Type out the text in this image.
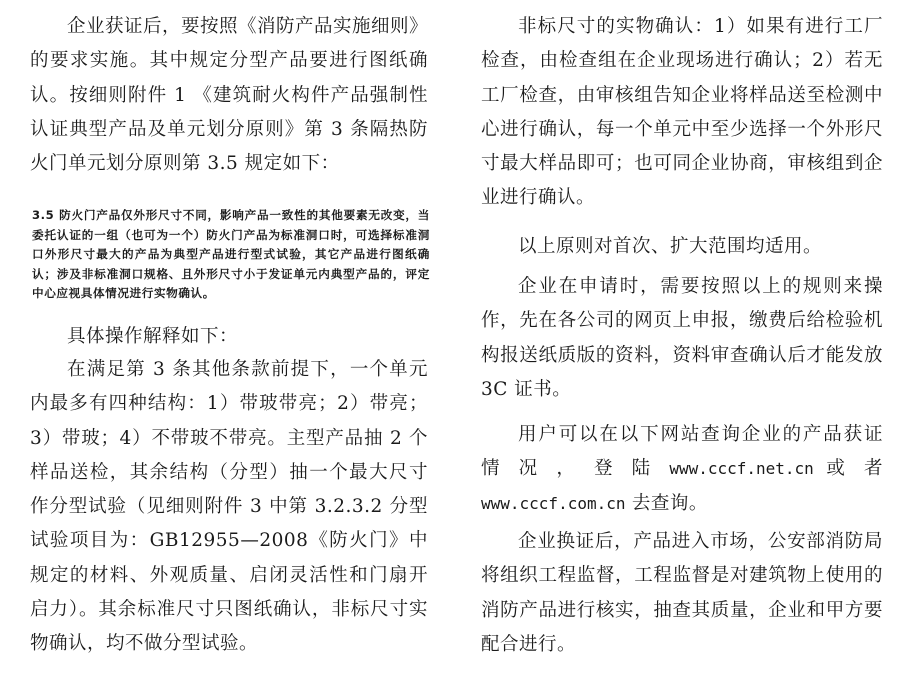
企业获证后，要按照《消防产品实施细则》的要求实施。其中规定分型产品要进行图纸确认。按细则附件 1 《建筑耐火构件产品强制性认证典型产品及单元划分原则》第 3 条隔热防火门单元划分原则第 3.5 规定如下：

3.5 防火门产品仅外形尺寸不同，影响产品一致性的其他要素无改变，当委托认证的一组（也可为一个）防火门产品为标准洞口时，可选择标准洞口外形尺寸最大的产品为典型产品进行型式试验，其它产品进行图纸确认；涉及非标准洞口规格、且外形尺寸小于发证单元内典型产品的，评定中心应视具体情况进行实物确认。

具体操作解释如下：

在满足第 3 条其他条款前提下，一个单元内最多有四种结构：1）带玻带亮；2）带亮；3）带玻；4）不带玻不带亮。主型产品抽 2 个样品送检，其余结构（分型）抽一个最大尺寸作分型试验（见细则附件 3 中第 3.2.3.2 分型试验项目为：GB12955—2008《防火门》中规定的材料、外观质量、启闭灵活性和门扇开启力）。其余标准尺寸只图纸确认，非标尺寸实物确认，均不做分型试验。

非标尺寸的实物确认：1）如果有进行工厂检查，由检查组在企业现场进行确认；2）若无工厂检查，由审核组告知企业将样品送至检测中心进行确认，每一个单元中至少选择一个外形尺寸最大样品即可；也可同企业协商，审核组到企业进行确认。

以上原则对首次、扩大范围均适用。

企业在申请时，需要按照以上的规则来操作，先在各公司的网页上申报，缴费后给检验机构报送纸质版的资料，资料审查确认后才能发放 3C 证书。

用户可以在以下网站查询企业的产品获证 情 况 ， 登 陆 www.cccf.net.cn 或 者 www.cccf.com.cn 去查询。

企业换证后，产品进入市场，公安部消防局将组织工程监督，工程监督是对建筑物上使用的消防产品进行核实，抽查其质量，企业和甲方要配合进行。
